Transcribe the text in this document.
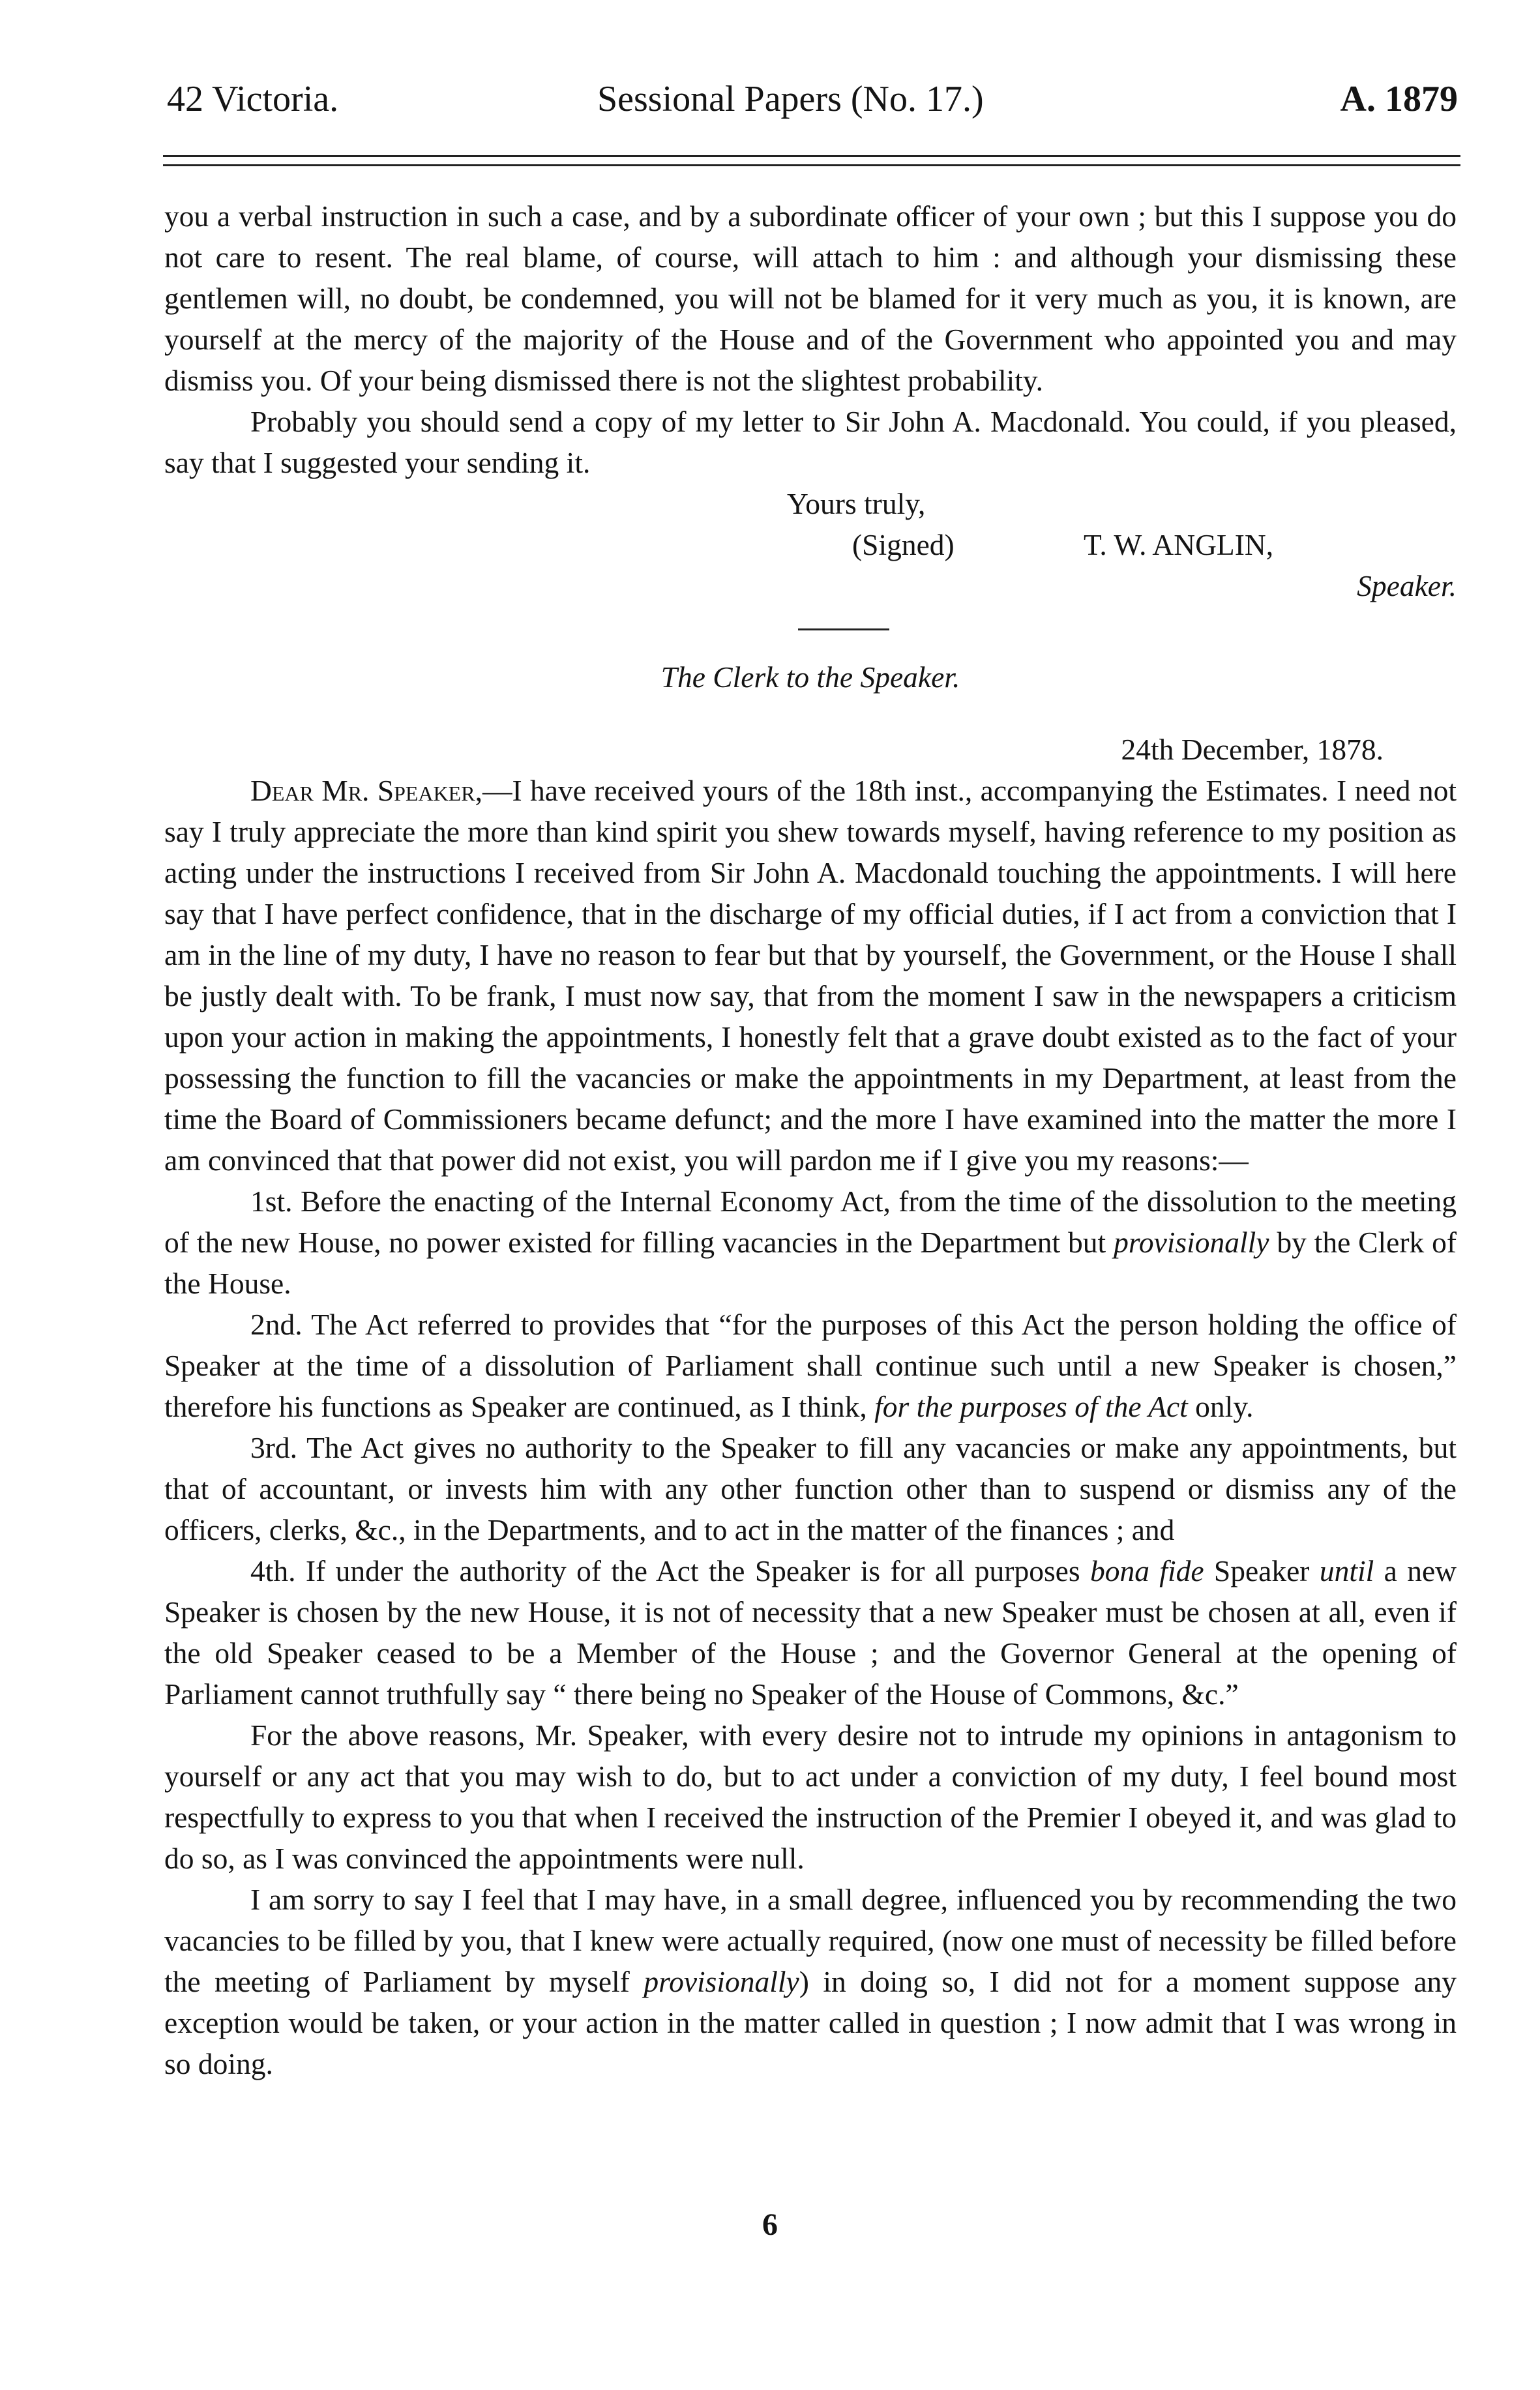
42 Victoria.	Sessional Papers (No. 17.)	A. 1879

you a verbal instruction in such a case, and by a subordinate officer of your own ; but this I suppose you do not care to resent. The real blame, of course, will attach to him : and although your dismissing these gentlemen will, no doubt, be condemned, you will not be blamed for it very much as you, it is known, are yourself at the mercy of the majority of the House and of the Government who appointed you and may dismiss you. Of your being dismissed there is not the slightest probability.

Probably you should send a copy of my letter to Sir John A. Macdonald. You could, if you pleased, say that I suggested your sending it.

Yours truly,

(Signed)	T. W. ANGLIN,

Speaker.

The Clerk to the Speaker.

24th December, 1878.

Dear Mr. Speaker,—I have received yours of the 18th inst., accompanying the Estimates. I need not say I truly appreciate the more than kind spirit you shew towards myself, having reference to my position as acting under the instructions I received from Sir John A. Macdonald touching the appointments. I will here say that I have perfect confidence, that in the discharge of my official duties, if I act from a conviction that I am in the line of my duty, I have no reason to fear but that by yourself, the Government, or the House I shall be justly dealt with. To be frank, I must now say, that from the moment I saw in the newspapers a criticism upon your action in making the appointments, I honestly felt that a grave doubt existed as to the fact of your possessing the function to fill the vacancies or make the appointments in my Department, at least from the time the Board of Commissioners became defunct; and the more I have examined into the matter the more I am convinced that that power did not exist, you will pardon me if I give you my reasons:—

1st. Before the enacting of the Internal Economy Act, from the time of the dissolution to the meeting of the new House, no power existed for filling vacancies in the Department but provisionally by the Clerk of the House.

2nd. The Act referred to provides that “for the purposes of this Act the person holding the office of Speaker at the time of a dissolution of Parliament shall continue such until a new Speaker is chosen,” therefore his functions as Speaker are continued, as I think, for the purposes of the Act only.

3rd. The Act gives no authority to the Speaker to fill any vacancies or make any appointments, but that of accountant, or invests him with any other function other than to suspend or dismiss any of the officers, clerks, &c., in the Departments, and to act in the matter of the finances ; and

4th. If under the authority of the Act the Speaker is for all purposes bona fide Speaker until a new Speaker is chosen by the new House, it is not of necessity that a new Speaker must be chosen at all, even if the old Speaker ceased to be a Member of the House ; and the Governor General at the opening of Parliament cannot truthfully say “ there being no Speaker of the House of Commons, &c.”

For the above reasons, Mr. Speaker, with every desire not to intrude my opinions in antagonism to yourself or any act that you may wish to do, but to act under a conviction of my duty, I feel bound most respectfully to express to you that when I received the instruction of the Premier I obeyed it, and was glad to do so, as I was convinced the appointments were null.

I am sorry to say I feel that I may have, in a small degree, influenced you by recommending the two vacancies to be filled by you, that I knew were actually required, (now one must of necessity be filled before the meeting of Parliament by myself provisionally) in doing so, I did not for a moment suppose any exception would be taken, or your action in the matter called in question ; I now admit that I was wrong in so doing.

6
